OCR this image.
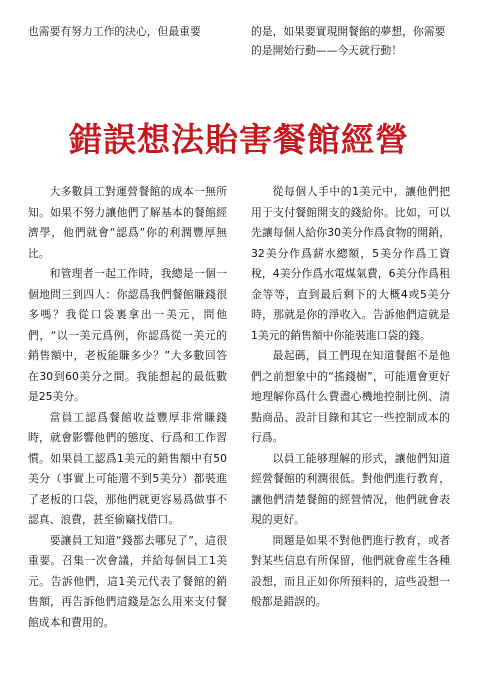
也需要有努力工作的決心，但最重要	的是，如果要實現開餐館的夢想，你需要的是開始行動——今天就行動！
錯誤想法貽害餐館經營

大多數員工對運營餐館的成本一無所知。如果不努力讓他們了解基本的餐館經濟學，他們就會“認爲”你的利潤豐厚無比。

和管理者一起工作時，我總是一個一個地問三到四人：你認爲我們餐館賺錢很多嗎？我從口袋裏拿出一美元，問他們，“以一美元爲例，你認爲從一美元的銷售額中，老板能賺多少？”大多數回答在30到60美分之間。我能想起的最低數是25美分。

當員工認爲餐館收益豐厚非常賺錢時，就會影響他們的態度、行爲和工作習慣。如果員工認爲1美元的銷售額中有50美分（事實上可能還不到5美分）都裝進了老板的口袋，那他們就更容易爲做事不認真、浪費，甚至偷竊找借口。

要讓員工知道“錢都去哪兒了”，這很重要。召集一次會議，并給每個員工1美元。告訴他們，這1美元代表了餐館的銷售額，再告訴他們這錢是怎么用來支付餐館成本和費用的。

從每個人手中的1美元中，讓他們把用于支付餐館開支的錢給你。比如，可以先讓每個人給你30美分作爲食物的開銷，32美分作爲薪水總額，5美分作爲工資稅，4美分作爲水電煤氣費，6美分作爲租金等等，直到最后剩下的大概4或5美分時，那就是你的淨收入。告訴他們這就是1美元的銷售額中你能裝進口袋的錢。

最起碼，員工們現在知道餐館不是他們之前想象中的“搖錢樹”，可能還會更好地理解你爲什么費盡心機地控制比例、清點商品、設計目錄和其它一些控制成本的行爲。

以員工能够理解的形式，讓他們知道經營餐館的利潤很低。對他們進行教育，讓他們清楚餐館的經營情况，他們就會表現的更好。

問題是如果不對他們進行教育，或者對某些信息有所保留，他們就會産生各種設想，而且正如你所預料的，這些設想一般都是錯誤的。
